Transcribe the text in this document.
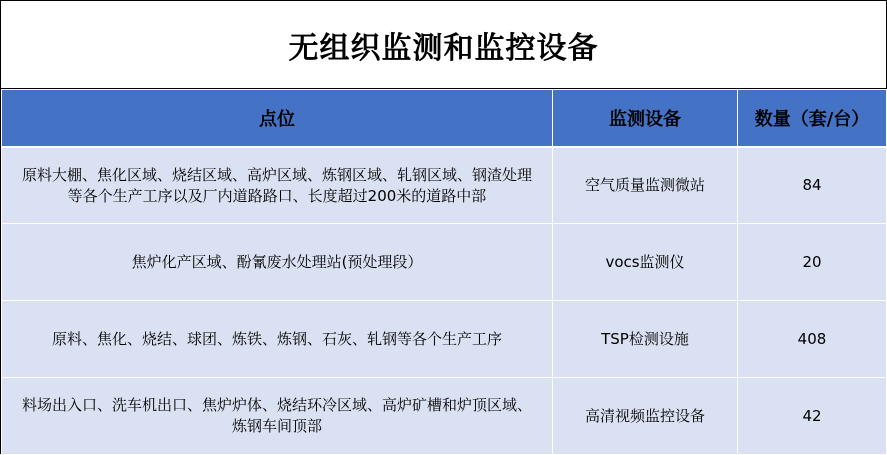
无组织监测和监控设备
点位	监测设备	数量（套/台）

原料大棚、焦化区域、烧结区域、高炉区域、炼钢区域、轧钢区域、钢渣处理
等各个生产工序以及厂内道路路口、长度超过200米的道路中部	空气质量监测微站	84

焦炉化产区域、酚氰废水处理站(预处理段）	vocs监测仪	20

原料、焦化、烧结、球团、炼铁、炼钢、石灰、轧钢等各个生产工序	TSP检测设施	408

料场出入口、洗车机出口、焦炉炉体、烧结环冷区域、高炉矿槽和炉顶区域、
炼钢车间顶部	高清视频监控设备	42
